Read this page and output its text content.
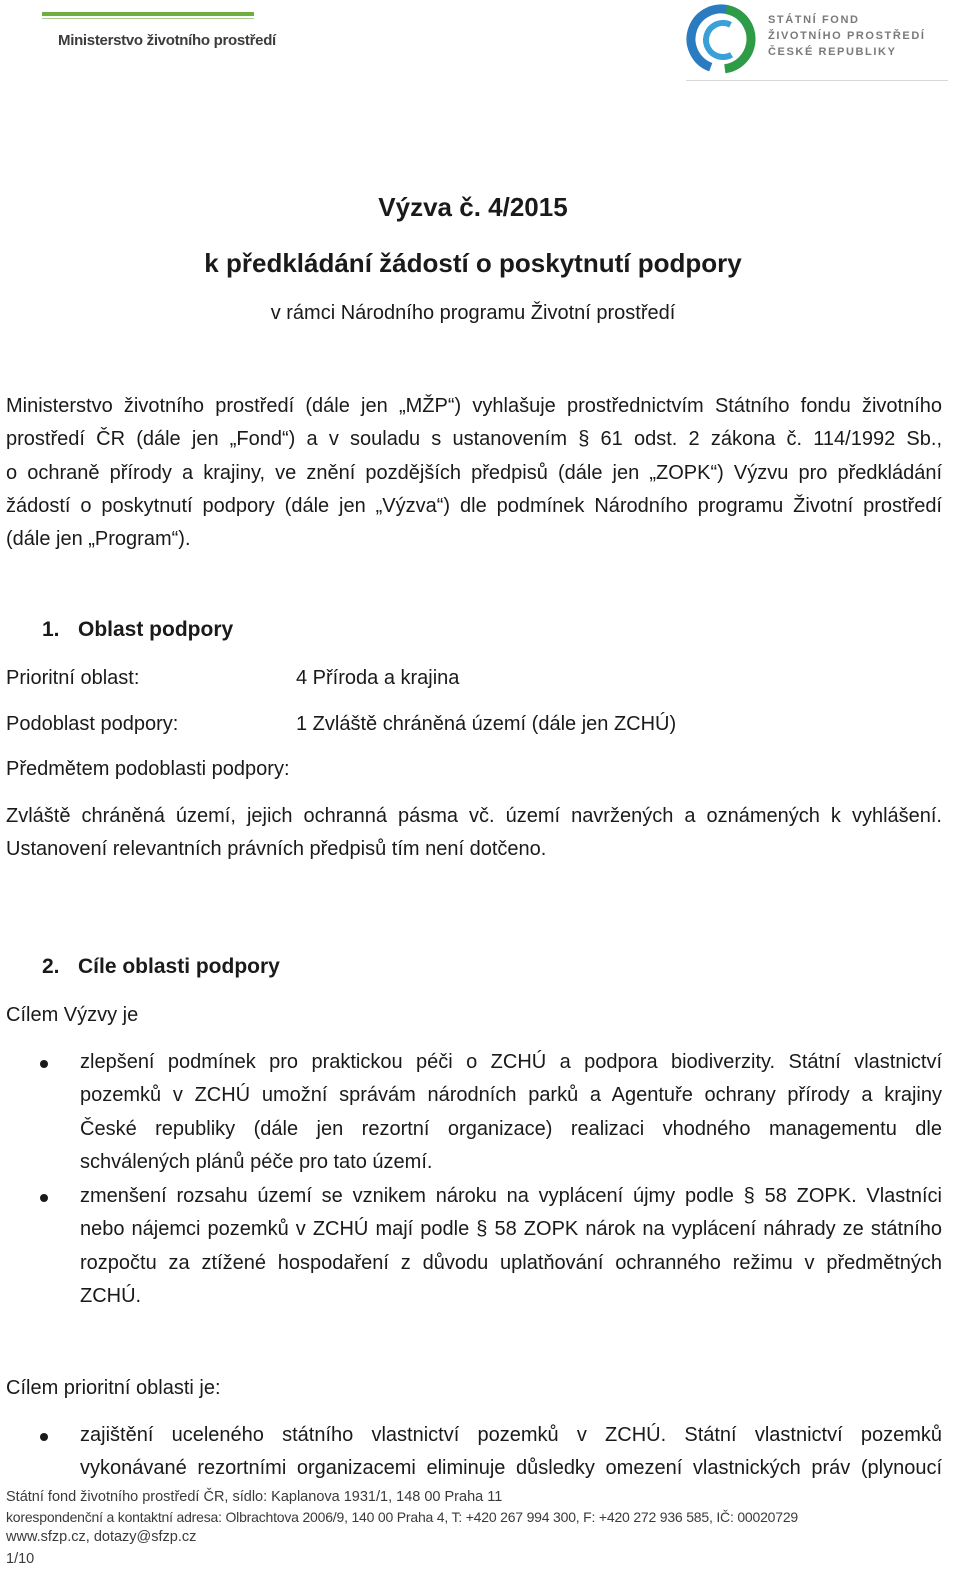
Ministerstvo životního prostředí
STÁTNÍ FOND
ŽIVOTNÍHO PROSTŘEDÍ
ČESKÉ REPUBLIKY
Výzva č. 4/2015
k předkládání žádostí o poskytnutí podpory
v rámci Národního programu Životní prostředí
Ministerstvo životního prostředí (dále jen „MŽP“) vyhlašuje prostřednictvím Státního fondu životního
prostředí ČR (dále jen „Fond“) a v souladu s ustanovením § 61 odst. 2 zákona č. 114/1992 Sb.,
o ochraně přírody a krajiny, ve znění pozdějších předpisů (dále jen „ZOPK“) Výzvu pro předkládání
žádostí o poskytnutí podpory (dále jen „Výzva“) dle podmínek Národního programu Životní prostředí
(dále jen „Program“).
1. Oblast podpory
Prioritní oblast:	4 Příroda a krajina
Podoblast podpory:	1 Zvláště chráněná území (dále jen ZCHÚ)
Předmětem podoblasti podpory:
Zvláště chráněná území, jejich ochranná pásma vč. území navržených a oznámených k vyhlášení.
Ustanovení relevantních právních předpisů tím není dotčeno.
2. Cíle oblasti podpory
Cílem Výzvy je
zlepšení podmínek pro praktickou péči o ZCHÚ a podpora biodiverzity. Státní vlastnictví
pozemků v ZCHÚ umožní správám národních parků a Agentuře ochrany přírody a krajiny
České republiky (dále jen rezortní organizace) realizaci vhodného managementu dle
schválených plánů péče pro tato území.
zmenšení rozsahu území se vznikem nároku na vyplácení újmy podle § 58 ZOPK. Vlastníci
nebo nájemci pozemků v ZCHÚ mají podle § 58 ZOPK nárok na vyplácení náhrady ze státního
rozpočtu za ztížené hospodaření z důvodu uplatňování ochranného režimu v předmětných
ZCHÚ.
Cílem prioritní oblasti je:
zajištění uceleného státního vlastnictví pozemků v ZCHÚ. Státní vlastnictví pozemků
vykonávané rezortními organizacemi eliminuje důsledky omezení vlastnických práv (plynoucí
Státní fond životního prostředí ČR, sídlo: Kaplanova 1931/1, 148 00 Praha 11
korespondenční a kontaktní adresa: Olbrachtova 2006/9, 140 00 Praha 4, T: +420 267 994 300, F: +420 272 936 585, IČ: 00020729
www.sfzp.cz, dotazy@sfzp.cz
1/10
